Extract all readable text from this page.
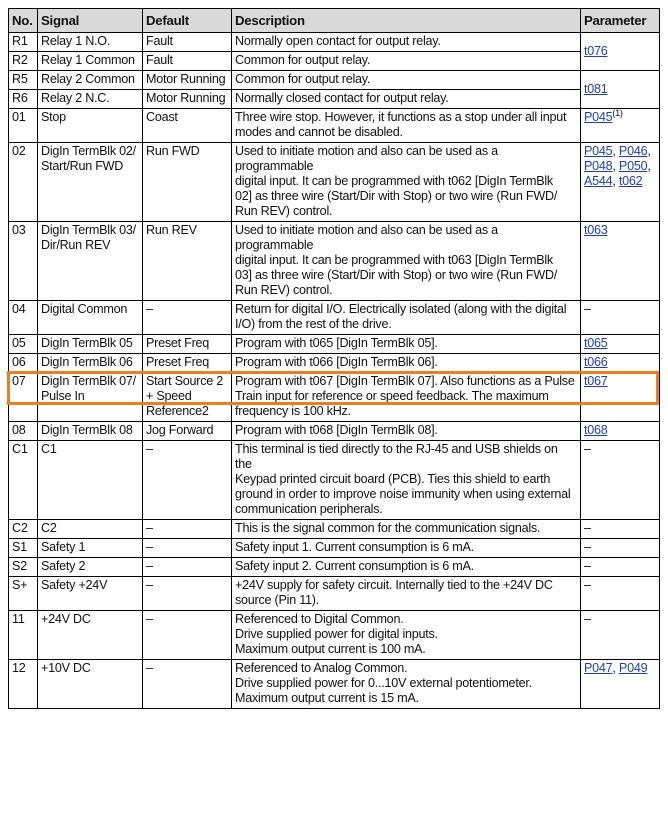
No.	Signal	Default	Description	Parameter
R1	Relay 1 N.O.	Fault	Normally open contact for output relay.	t076
R2	Relay 1 Common	Fault	Common for output relay.	

R5	Relay 2 Common	Motor Running	Common for output relay.	t081
R6	Relay 2 N.C.	Motor Running	Normally closed contact for output relay.	

01	Stop	Coast	Three wire stop. However, it functions as a stop under all input
modes and cannot be disabled.	P045$^{(1)}$
02	DigIn TermBlk 02/
Start/Run FWD	Run FWD	Used to initiate motion and also can be used as a programmable
digital input. It can be programmed with t062 [DigIn TermBlk
02] as three wire (Start/Dir with Stop) or two wire (Run FWD/
Run REV) control.	P045, P046, P048, P050, A544, t062
03	DigIn TermBlk 03/
Dir/Run REV	Run REV	Used to initiate motion and also can be used as a programmable
digital input. It can be programmed with t063 [DigIn TermBlk
03] as three wire (Start/Dir with Stop) or two wire (Run FWD/
Run REV) control.	t063
04	Digital Common	–	Return for digital I/O. Electrically isolated (along with the digital
I/O) from the rest of the drive.	–
05	DigIn TermBlk 05	Preset Freq	Program with t065 [DigIn TermBlk 05].	t065
06	DigIn TermBlk 06	Preset Freq	Program with t066 [DigIn TermBlk 06].	t066
07	DigIn TermBlk 07/
Pulse In	Start Source 2
+ Speed
Reference2	Program with t067 [DigIn TermBlk 07]. Also functions as a Pulse
Train input for reference or speed feedback. The maximum
frequency is 100 kHz.	t067
08	DigIn TermBlk 08	Jog Forward	Program with t068 [DigIn TermBlk 08].	t068
C1	C1	–	This terminal is tied directly to the RJ-45 and USB shields on the
Keypad printed circuit board (PCB). Ties this shield to earth
ground in order to improve noise immunity when using external
communication peripherals.	–
C2	C2	–	This is the signal common for the communication signals.	–
S1	Safety 1	–	Safety input 1. Current consumption is 6 mA.	–
S2	Safety 2	–	Safety input 2. Current consumption is 6 mA.	–
S+	Safety +24V	–	+24V supply for safety circuit. Internally tied to the +24V DC
source (Pin 11).	–
11	+24V DC	–	Referenced to Digital Common.
Drive supplied power for digital inputs.
Maximum output current is 100 mA.	–
12	+10V DC	–	Referenced to Analog Common.
Drive supplied power for 0...10V external potentiometer.
Maximum output current is 15 mA.	P047, P049
